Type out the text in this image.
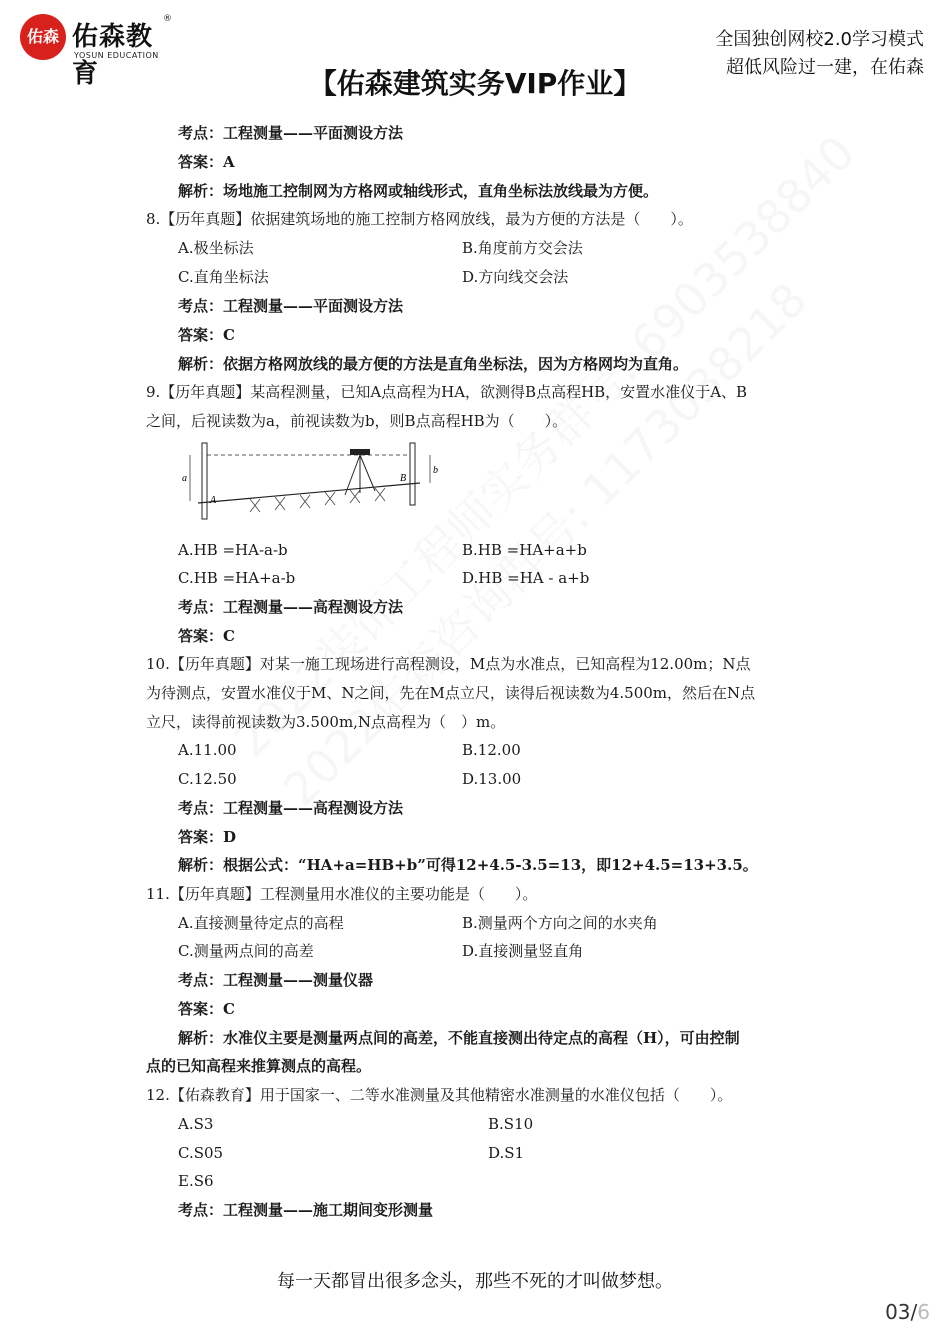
佑森 佑森教育
®
YOSUN EDUCATION
全国独创网校2.0学习模式
超低风险过一建，在佑森
【佑森建筑实务VIP作业】
考点：工程测量——平面测设方法
答案：A
解析：场地施工控制网为方格网或轴线形式，直角坐标法放线最为方便。
8.【历年真题】依据建筑场地的施工控制方格网放线，最为方便的方法是（　　）。
A.极坐标法	B.角度前方交会法
C.直角坐标法	D.方向线交会法
考点：工程测量——平面测设方法
答案：C
解析：依据方格网放线的最方便的方法是直角坐标法，因为方格网均为直角。
9.【历年真题】某高程测量，已知A点高程为HA，欲测得B点高程HB，安置水准仪于A、B
之间，后视读数为a，前视读数为b，则B点高程HB为（　　）。
a
b
A
B
A.HB =HA-a-b	B.HB =HA+a+b
C.HB =HA+a-b	D.HB =HA - a+b
考点：工程测量——高程测设方法
答案：C
10.【历年真题】对某一施工现场进行高程测设，M点为水准点，已知高程为12.00m；N点
为待测点，安置水准仪于M、N之间，先在M点立尺，读得后视读数为4.500m，然后在N点
立尺，读得前视读数为3.500m,N点高程为（　）m。
A.11.00	B.12.00
C.12.50	D.13.00
考点：工程测量——高程测设方法
答案：D
解析：根据公式：“HA+a=HB+b”可得12+4.5-3.5=13，即12+4.5=13+3.5。
11.【历年真题】工程测量用水准仪的主要功能是（　　）。
A.直接测量待定点的高程	B.测量两个方向之间的水夹角
C.测量两点间的高差	D.直接测量竖直角
考点：工程测量——测量仪器
答案：C
解析：水准仪主要是测量两点间的高差，不能直接测出待定点的高程（H），可由控制
点的已知高程来推算测点的高程。
12.【佑森教育】用于国家一、二等水准测量及其他精密水准测量的水准仪包括（　　）。
A.S3	B.S10
C.S05	D.S1
E.S6
考点：工程测量——施工期间变形测量
每一天都冒出很多念头，那些不死的才叫做梦想。
03/6
